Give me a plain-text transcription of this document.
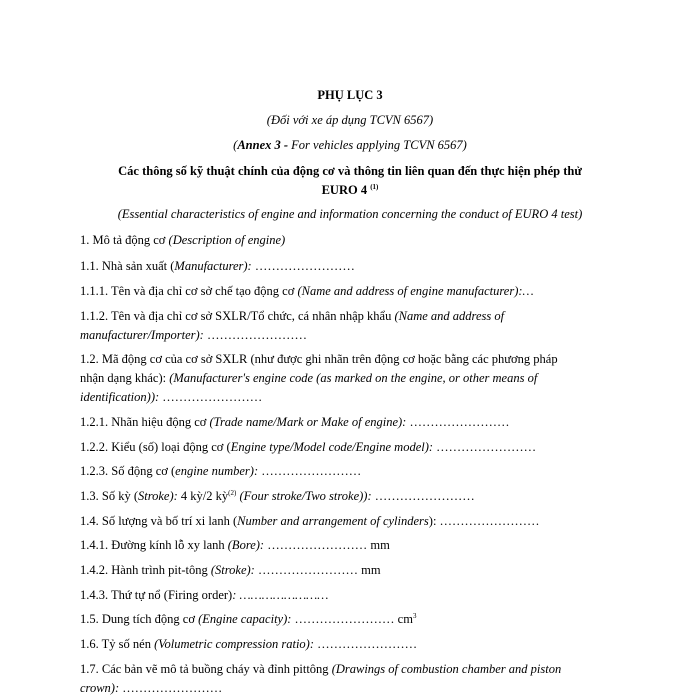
PHỤ LỤC 3
(Đối với xe áp dụng TCVN 6567)
(Annex 3 - For vehicles applying TCVN 6567)
Các thông số kỹ thuật chính của động cơ và thông tin liên quan đến thực hiện phép thử
EURO 4 $^{(1)}$
(Essential characteristics of engine and information concerning the conduct of EURO 4 test)
1. Mô tả động cơ (Description of engine)
1.1. Nhà sản xuất (Manufacturer): ……………………
1.1.1. Tên và địa chỉ cơ sở chế tạo động cơ (Name and address of engine manufacturer):…
1.1.2. Tên và địa chỉ cơ sở SXLR/Tổ chức, cá nhân nhập khẩu (Name and address of
manufacturer/Importer): ……………………
1.2. Mã động cơ của cơ sở SXLR (như được ghi nhãn trên động cơ hoặc bằng các phương pháp
nhận dạng khác): (Manufacturer's engine code (as marked on the engine, or other means of
identification)): ……………………
1.2.1. Nhãn hiệu động cơ (Trade name/Mark or Make of engine): ……………………
1.2.2. Kiểu (số) loại động cơ (Engine type/Model code/Engine model): ……………………
1.2.3. Số động cơ (engine number): ……………………
1.3. Số kỳ (Stroke): 4 kỳ/2 kỳ$^{(2)}$ (Four stroke/Two stroke)): ……………………
1.4. Số lượng và bố trí xi lanh (Number and arrangement of cylinders): ……………………
1.4.1. Đường kính lỗ xy lanh (Bore): …………………… mm
1.4.2. Hành trình pit-tông (Stroke): …………………… mm
1.4.3. Thứ tự nổ (Firing order): ……………………
1.5. Dung tích động cơ (Engine capacity): …………………… $cm^3$
1.6. Tỷ số nén (Volumetric compression ratio): ……………………
1.7. Các bản vẽ mô tả buồng cháy và đỉnh pittông (Drawings of combustion chamber and piston
crown): ……………………
